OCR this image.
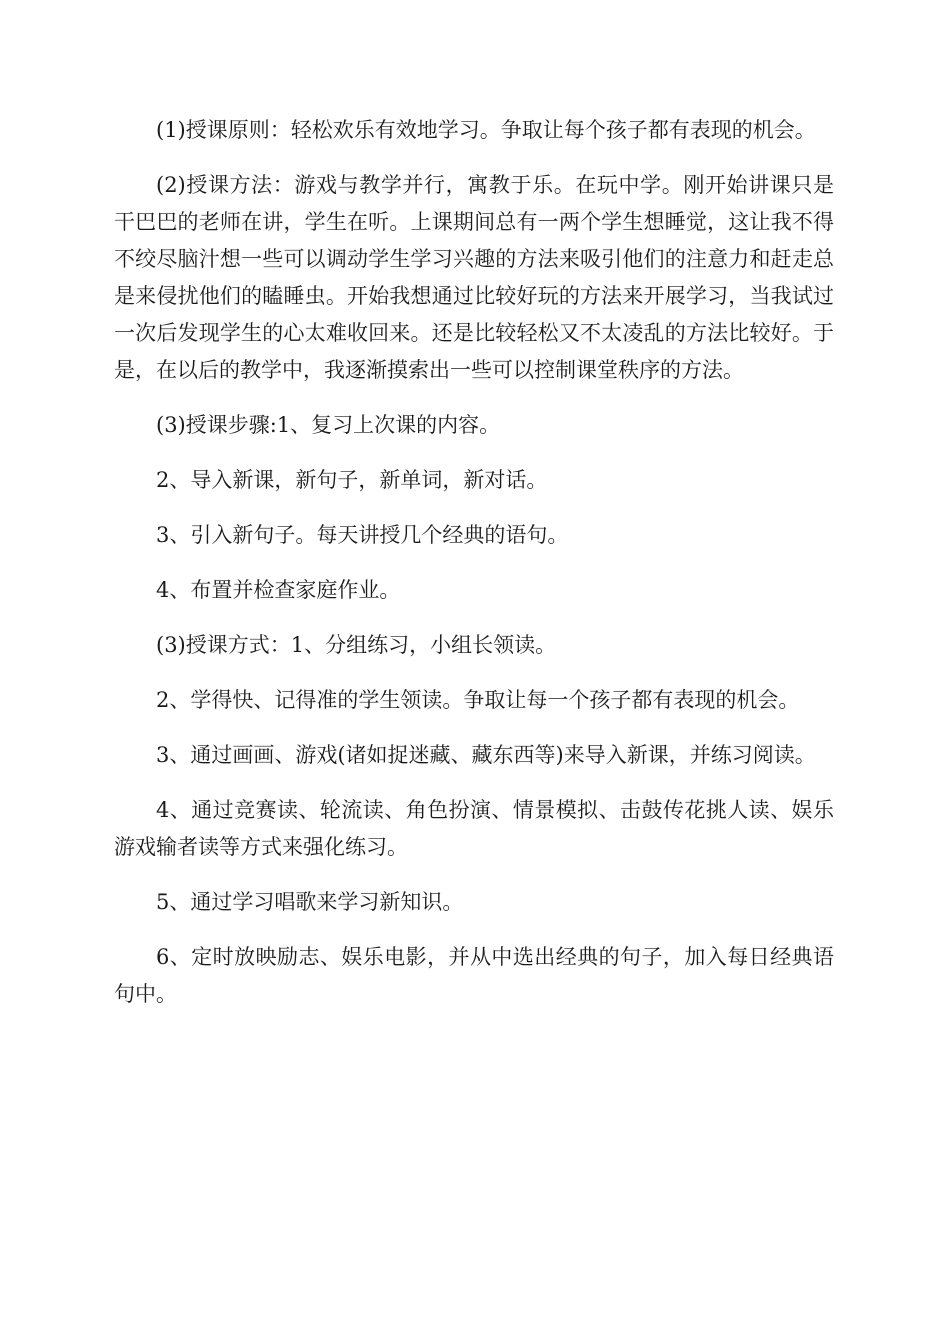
(1)授课原则：轻松欢乐有效地学习。争取让每个孩子都有表现的机会。

(2)授课方法：游戏与教学并行，寓教于乐。在玩中学。刚开始讲课只是干巴巴的老师在讲，学生在听。上课期间总有一两个学生想睡觉，这让我不得不绞尽脑汁想一些可以调动学生学习兴趣的方法来吸引他们的注意力和赶走总是来侵扰他们的瞌睡虫。开始我想通过比较好玩的方法来开展学习，当我试过一次后发现学生的心太难收回来。还是比较轻松又不太凌乱的方法比较好。于是，在以后的教学中，我逐渐摸索出一些可以控制课堂秩序的方法。

(3)授课步骤:1、复习上次课的内容。

2、导入新课，新句子，新单词，新对话。

3、引入新句子。每天讲授几个经典的语句。

4、布置并检查家庭作业。

(3)授课方式：1、分组练习，小组长领读。

2、学得快、记得准的学生领读。争取让每一个孩子都有表现的机会。

3、通过画画、游戏(诸如捉迷藏、藏东西等)来导入新课，并练习阅读。

4、通过竞赛读、轮流读、角色扮演、情景模拟、击鼓传花挑人读、娱乐游戏输者读等方式来强化练习。

5、通过学习唱歌来学习新知识。

6、定时放映励志、娱乐电影，并从中选出经典的句子，加入每日经典语句中。
